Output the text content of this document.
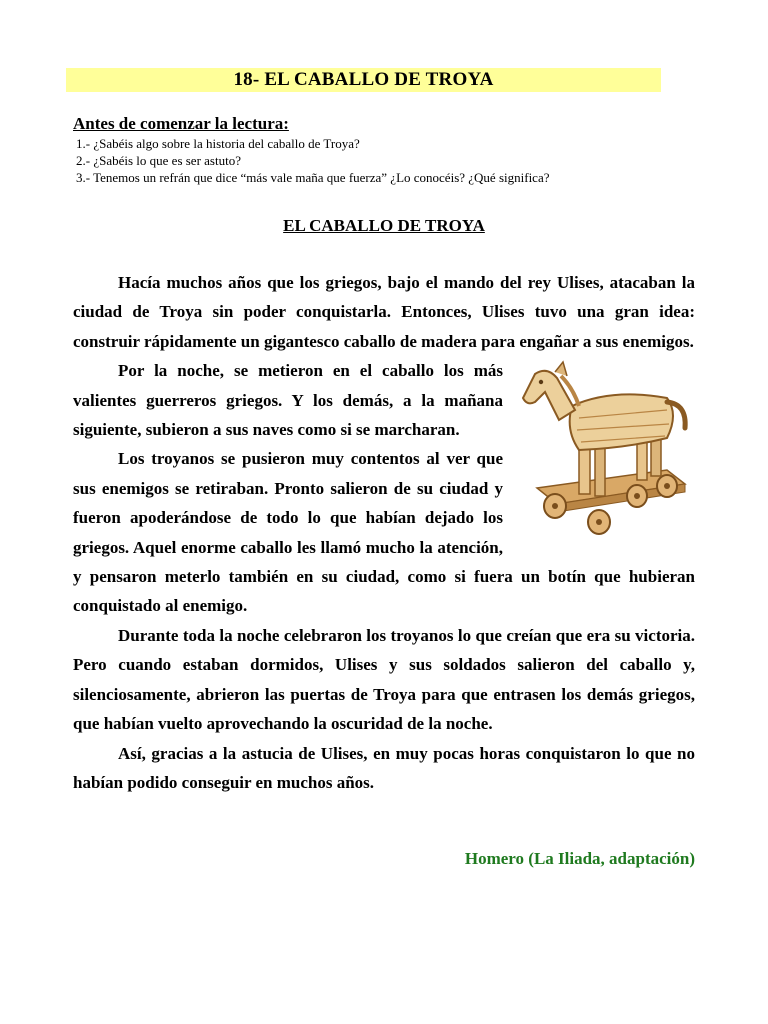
18- EL CABALLO DE TROYA
Antes de comenzar la lectura:
1.- ¿Sabéis algo sobre la historia del caballo de Troya?
2.- ¿Sabéis lo que es ser astuto?
3.- Tenemos un refrán que dice “más vale maña que fuerza” ¿Lo conocéis? ¿Qué significa?
EL CABALLO DE TROYA

Hacía muchos años que los griegos, bajo el mando del rey Ulises, atacaban la ciudad de Troya sin poder conquistarla. Entonces, Ulises tuvo una gran idea: construir rápidamente un gigantesco caballo de madera para engañar a sus enemigos.

Por la noche, se metieron en el caballo los más valientes guerreros griegos. Y los demás, a la mañana siguiente, subieron a sus naves como si se marcharan.

Los troyanos se pusieron muy contentos al ver que sus enemigos se retiraban. Pronto salieron de su ciudad y fueron apoderándose de todo lo que habían dejado los griegos. Aquel enorme caballo les llamó mucho la atención, y pensaron meterlo también en su ciudad, como si fuera un botín que hubieran conquistado al enemigo.

Durante toda la noche celebraron los troyanos lo que creían que era su victoria. Pero cuando estaban dormidos, Ulises y sus soldados salieron del caballo y, silenciosamente, abrieron las puertas de Troya para que entrasen los demás griegos, que habían vuelto aprovechando la oscuridad de la noche.

Así, gracias a la astucia de Ulises, en muy pocas horas conquistaron lo que no habían podido conseguir en muchos años.

Homero (La Iliada, adaptación)
